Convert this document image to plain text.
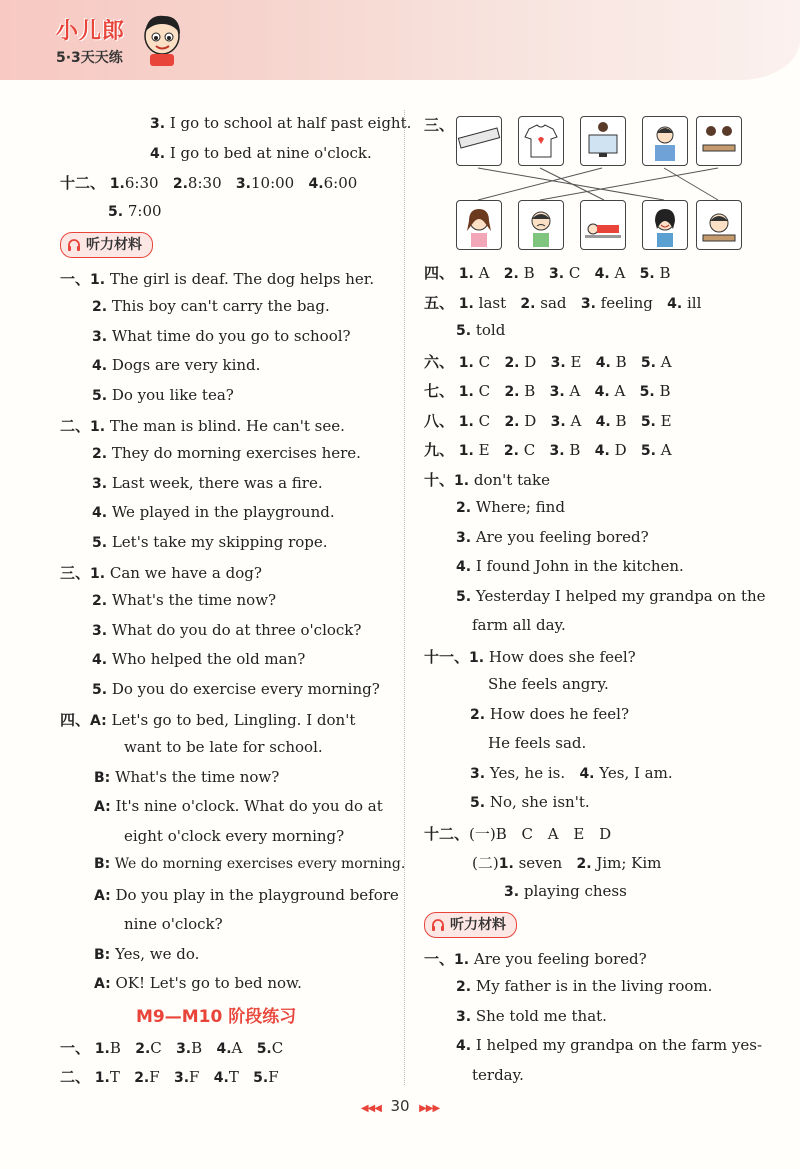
小儿郎
5·3天天练
3. I go to school at half past eight.
4. I go to bed at nine o'clock.
十二、 1.6:30 2.8:30 3.10:00 4.6:00
5. 7:00
听力材料
一、1. The girl is deaf. The dog helps her.
2. This boy can't carry the bag.
3. What time do you go to school?
4. Dogs are very kind.
5. Do you like tea?
二、1. The man is blind. He can't see.
2. They do morning exercises here.
3. Last week, there was a fire.
4. We played in the playground.
5. Let's take my skipping rope.
三、1. Can we have a dog?
2. What's the time now?
3. What do you do at three o'clock?
4. Who helped the old man?
5. Do you do exercise every morning?
四、A: Let's go to bed, Lingling. I don't
want to be late for school.
B: What's the time now?
A: It's nine o'clock. What do you do at
eight o'clock every morning?
B: We do morning exercises every morning.
A: Do you play in the playground before
nine o'clock?
B: Yes, we do.
A: OK! Let's go to bed now.
M9—M10 阶段练习
一、 1.B 2.C 3.B 4.A 5.C
二、 1.T 2.F 3.F 4.T 5.F
三、
四、 1. A 2. B 3. C 4. A 5. B
五、 1. last 2. sad 3. feeling 4. ill
5. told
六、 1. C 2. D 3. E 4. B 5. A
七、 1. C 2. B 3. A 4. A 5. B
八、 1. C 2. D 3. A 4. B 5. E
九、 1. E 2. C 3. B 4. D 5. A
十、1. don't take
2. Where; find
3. Are you feeling bored?
4. I found John in the kitchen.
5. Yesterday I helped my grandpa on the
farm all day.
十一、1. How does she feel?
She feels angry.
2. How does he feel?
He feels sad.
3. Yes, he is. 4. Yes, I am.
5. No, she isn't.
十二、(一)B C A E D
(二)1. seven 2. Jim; Kim
3. playing chess
听力材料
一、1. Are you feeling bored?
2. My father is in the living room.
3. She told me that.
4. I helped my grandpa on the farm yes-
terday.
◀◀◀ 30 ▶▶▶
